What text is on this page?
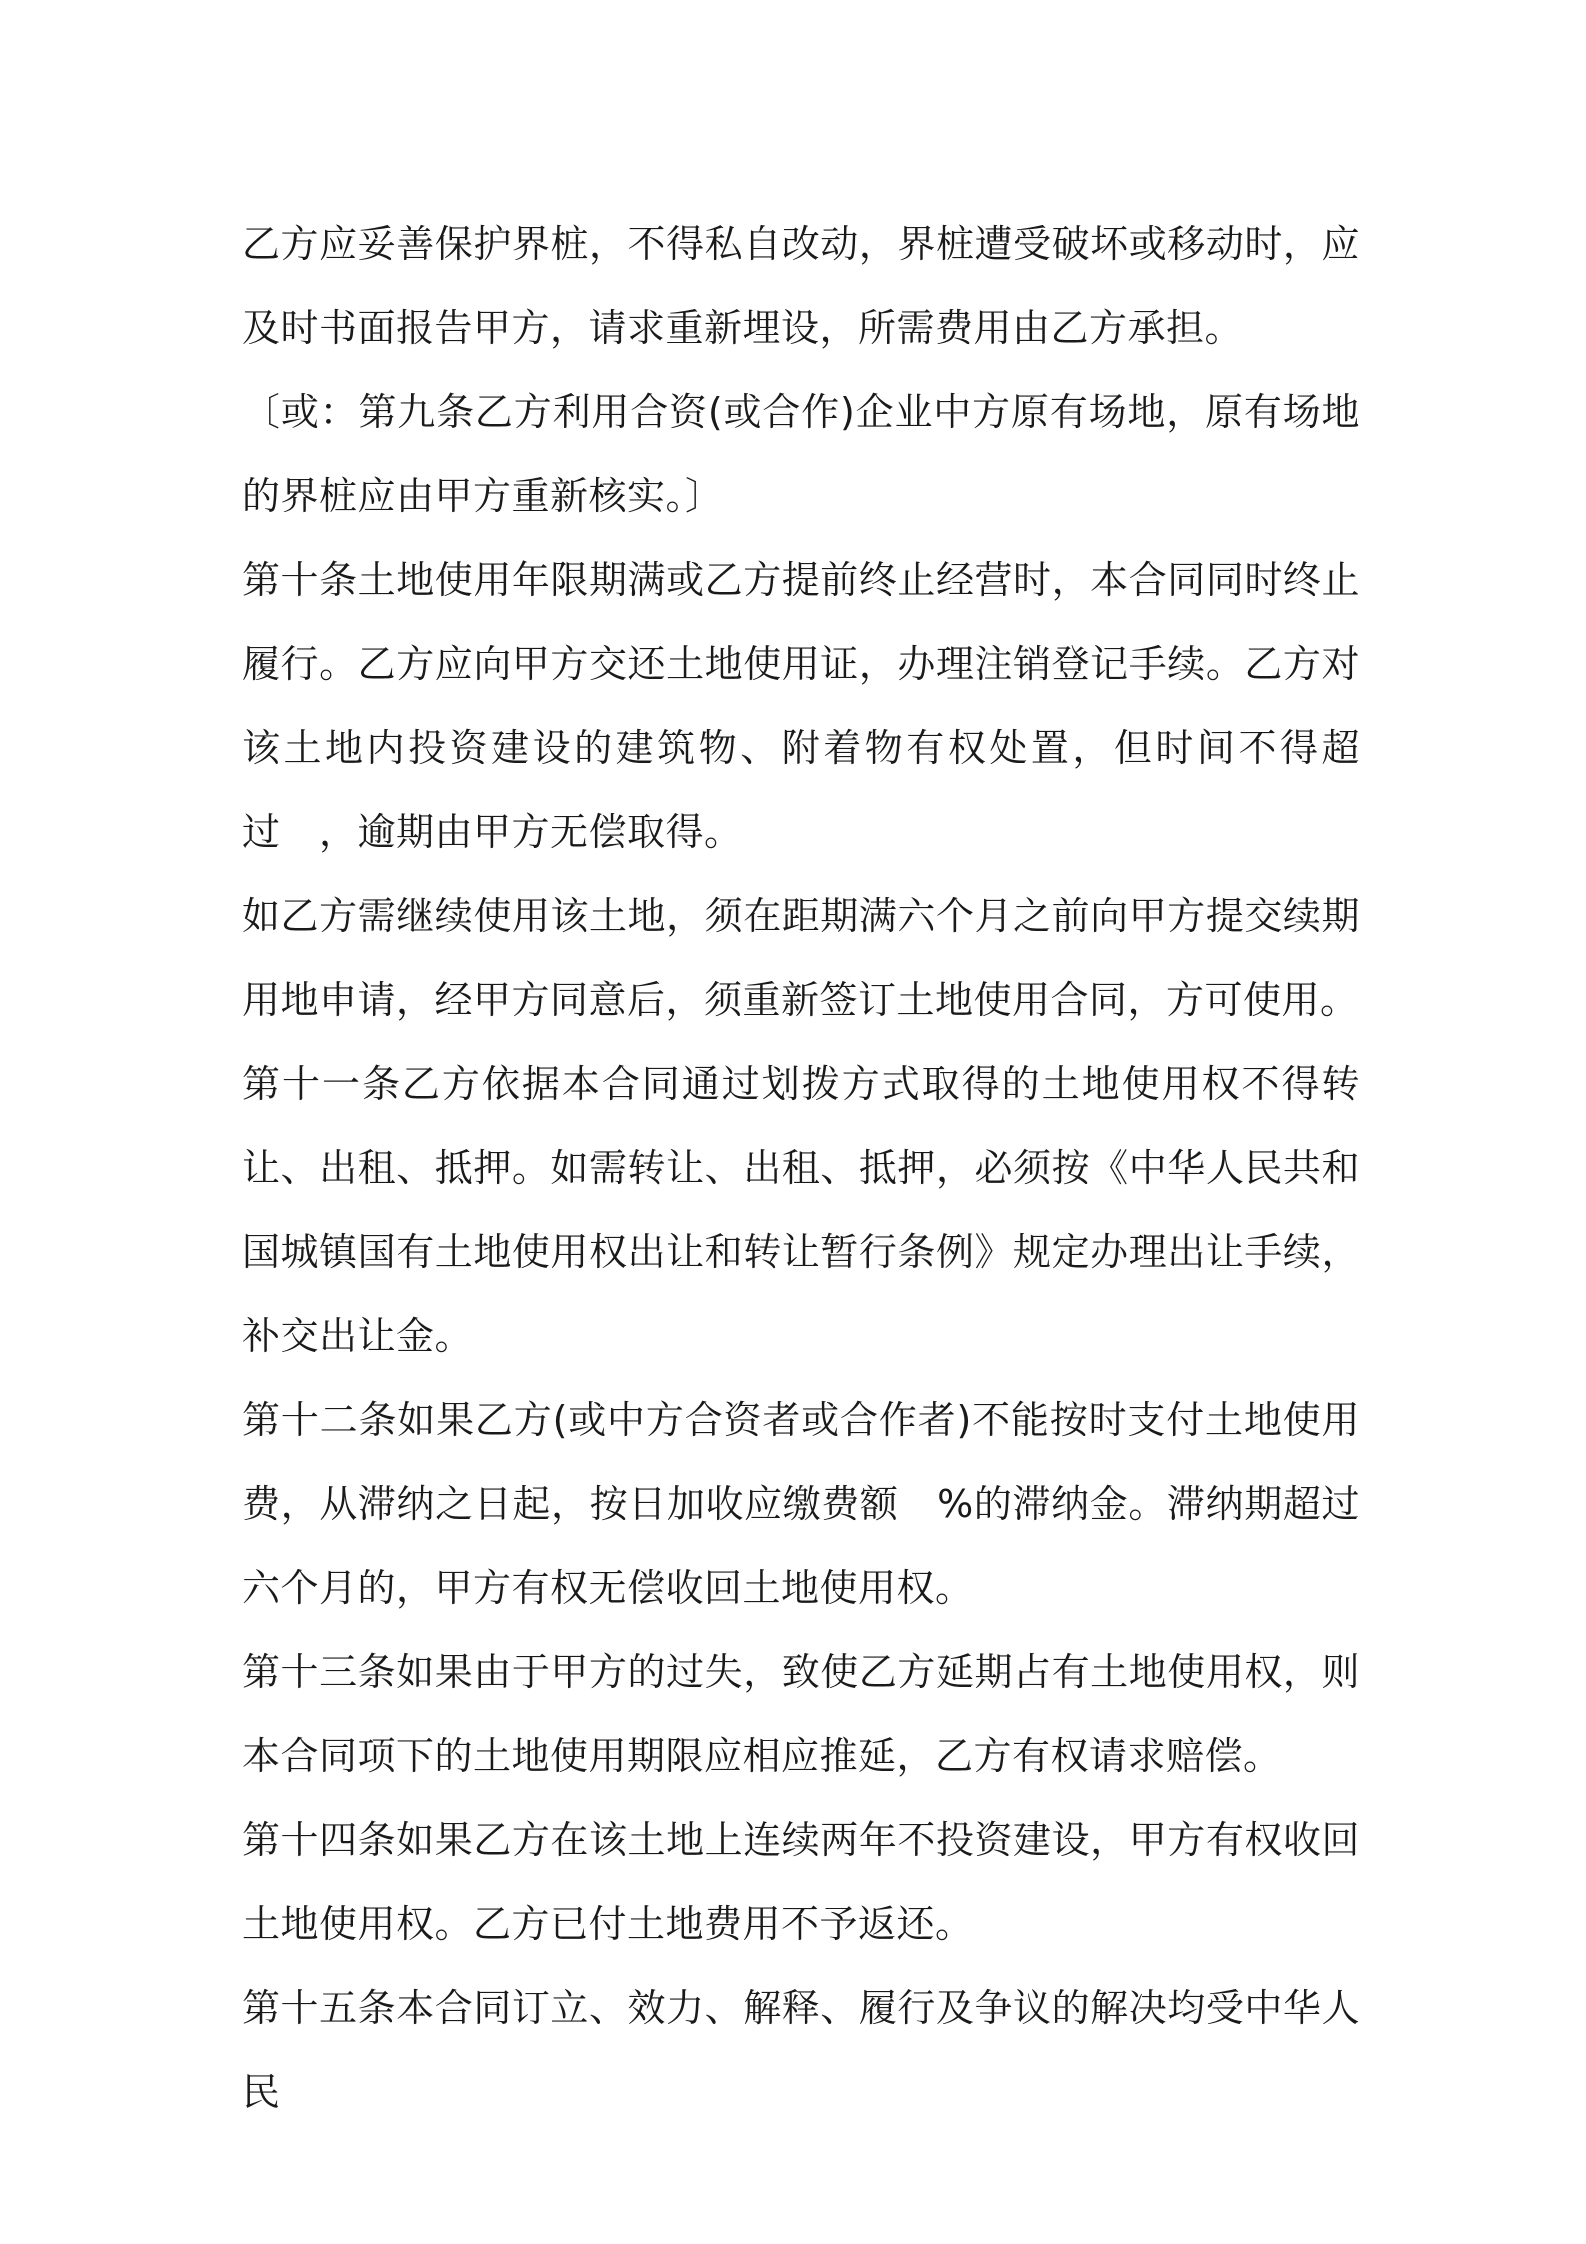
乙方应妥善保护界桩，不得私自改动，界桩遭受破坏或移动时，应及时书面报告甲方，请求重新埋设，所需费用由乙方承担。

〔或：第九条乙方利用合资(或合作)企业中方原有场地，原有场地的界桩应由甲方重新核实。〕

第十条土地使用年限期满或乙方提前终止经营时，本合同同时终止履行。乙方应向甲方交还土地使用证，办理注销登记手续。乙方对该土地内投资建设的建筑物、附着物有权处置，但时间不得超过　，逾期由甲方无偿取得。

如乙方需继续使用该土地，须在距期满六个月之前向甲方提交续期用地申请，经甲方同意后，须重新签订土地使用合同，方可使用。

第十一条乙方依据本合同通过划拨方式取得的土地使用权不得转让、出租、抵押。如需转让、出租、抵押，必须按《中华人民共和国城镇国有土地使用权出让和转让暂行条例》规定办理出让手续，补交出让金。

第十二条如果乙方(或中方合资者或合作者)不能按时支付土地使用费，从滞纳之日起，按日加收应缴费额　%的滞纳金。滞纳期超过六个月的，甲方有权无偿收回土地使用权。

第十三条如果由于甲方的过失，致使乙方延期占有土地使用权，则本合同项下的土地使用期限应相应推延，乙方有权请求赔偿。

第十四条如果乙方在该土地上连续两年不投资建设，甲方有权收回土地使用权。乙方已付土地费用不予返还。

第十五条本合同订立、效力、解释、履行及争议的解决均受中华人民
